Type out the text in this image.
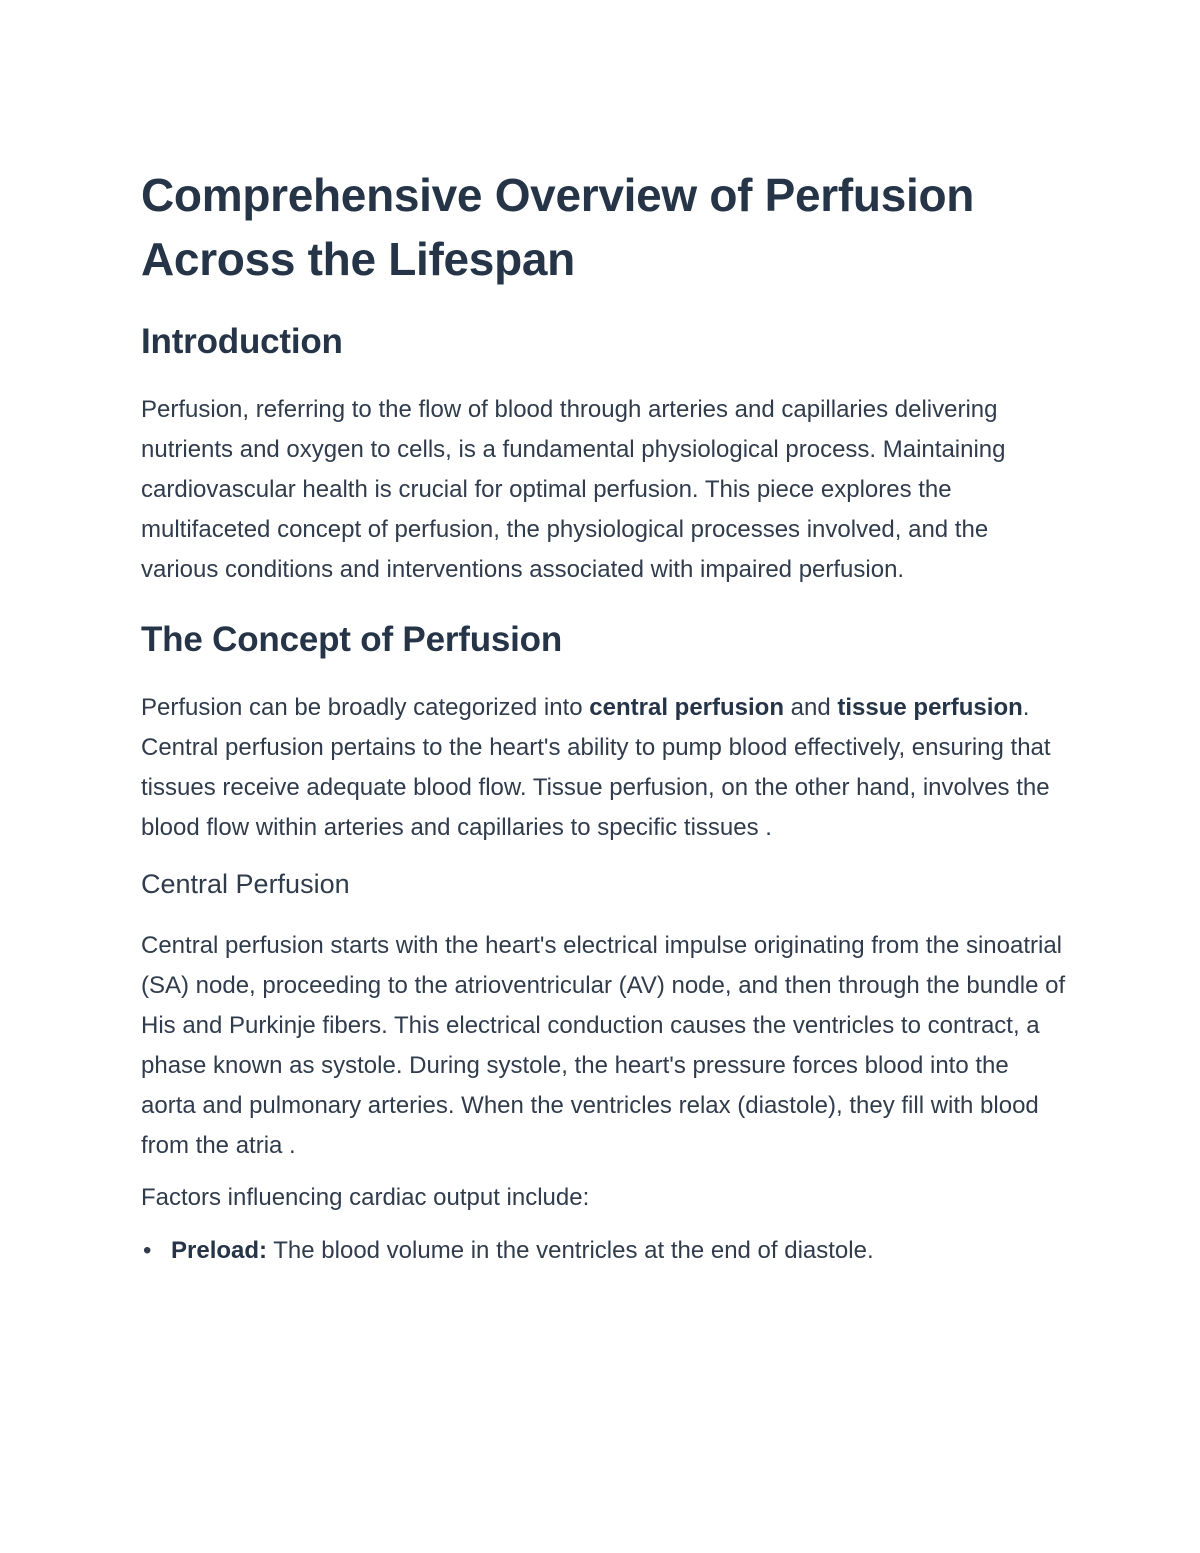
Comprehensive Overview of Perfusion Across the Lifespan
Introduction

Perfusion, referring to the flow of blood through arteries and capillaries delivering nutrients and oxygen to cells, is a fundamental physiological process. Maintaining cardiovascular health is crucial for optimal perfusion. This piece explores the multifaceted concept of perfusion, the physiological processes involved, and the various conditions and interventions associated with impaired perfusion.

The Concept of Perfusion

Perfusion can be broadly categorized into central perfusion and tissue perfusion. Central perfusion pertains to the heart's ability to pump blood effectively, ensuring that tissues receive adequate blood flow. Tissue perfusion, on the other hand, involves the blood flow within arteries and capillaries to specific tissues .

Central Perfusion

Central perfusion starts with the heart's electrical impulse originating from the sinoatrial (SA) node, proceeding to the atrioventricular (AV) node, and then through the bundle of His and Purkinje fibers. This electrical conduction causes the ventricles to contract, a phase known as systole. During systole, the heart's pressure forces blood into the aorta and pulmonary arteries. When the ventricles relax (diastole), they fill with blood from the atria .

Factors influencing cardiac output include:

• Preload: The blood volume in the ventricles at the end of diastole.
